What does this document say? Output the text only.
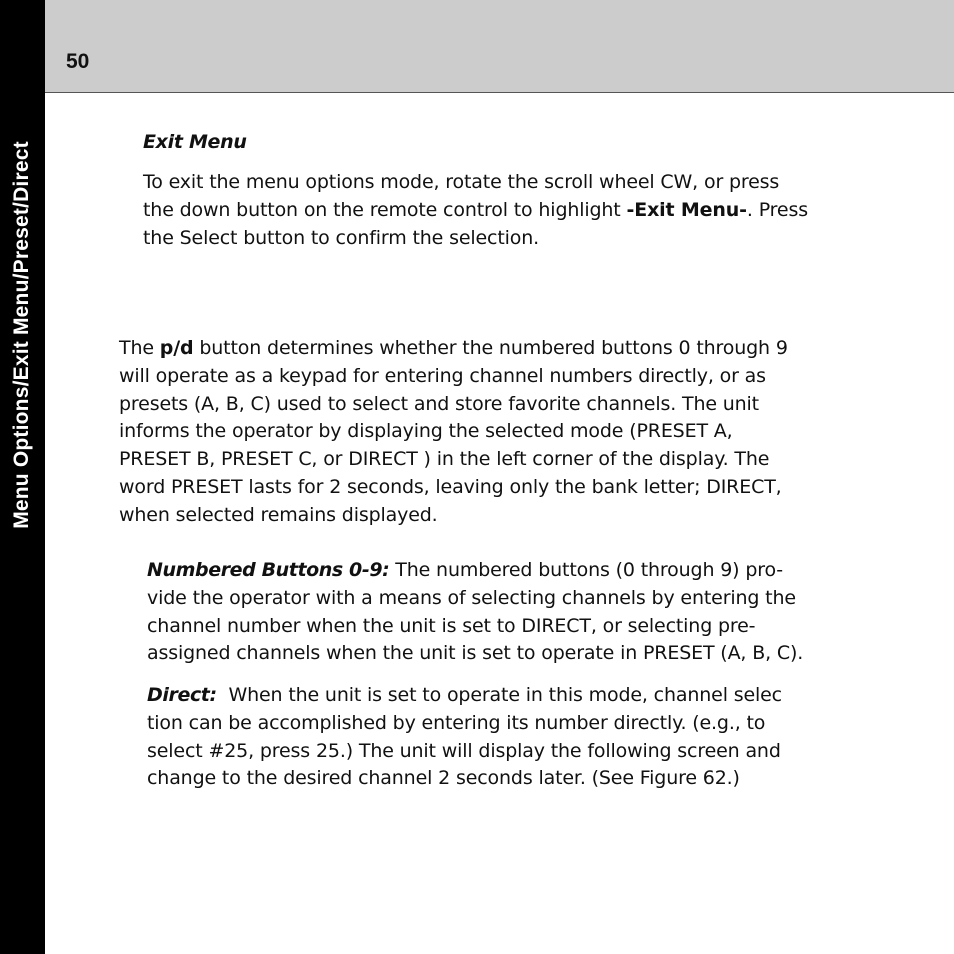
Menu Options/Exit Menu/Preset/Direct
50
Exit Menu
To exit the menu options mode, rotate the scroll wheel CW, or press
the down button on the remote control to highlight -Exit Menu-. Press
the Select button to confirm the selection.
The p/d button determines whether the numbered buttons 0 through 9
will operate as a keypad for entering channel numbers directly, or as
presets (A, B, C) used to select and store favorite channels. The unit
informs the operator by displaying the selected mode (PRESET A,
PRESET B, PRESET C, or DIRECT ) in the left corner of the display. The
word PRESET lasts for 2 seconds, leaving only the bank letter; DIRECT,
when selected remains displayed.
Numbered Buttons 0-9: The numbered buttons (0 through 9) pro-
vide the operator with a means of selecting channels by entering the
channel number when the unit is set to DIRECT, or selecting pre-
assigned channels when the unit is set to operate in PRESET (A, B, C).
Direct:  When the unit is set to operate in this mode, channel selec
tion can be accomplished by entering its number directly. (e.g., to
select #25, press 25.) The unit will display the following screen and
change to the desired channel 2 seconds later. (See Figure 62.)
